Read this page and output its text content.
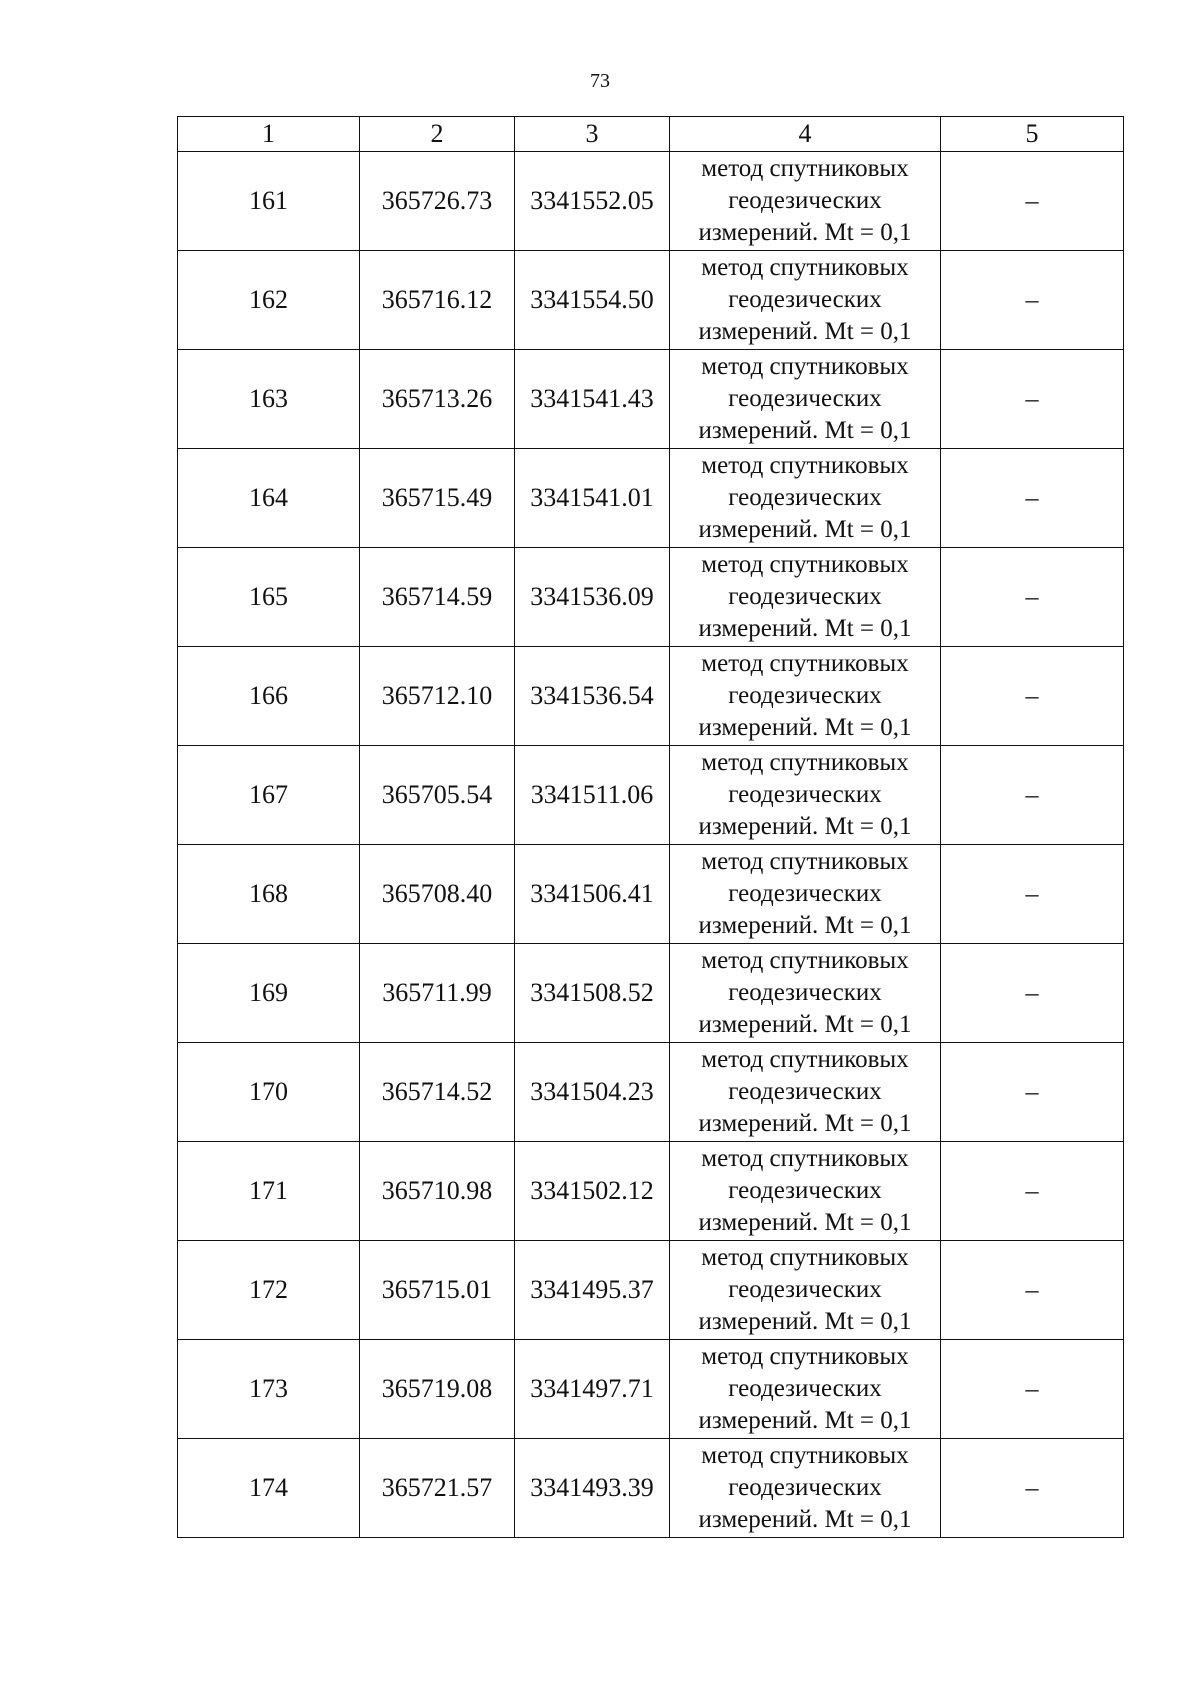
73
1	2	3	4	5
161	365726.73	3341552.05	метод спутниковых
геодезических
измерений. Mt = 0,1	–
162	365716.12	3341554.50	метод спутниковых
геодезических
измерений. Mt = 0,1	–
163	365713.26	3341541.43	метод спутниковых
геодезических
измерений. Mt = 0,1	–
164	365715.49	3341541.01	метод спутниковых
геодезических
измерений. Mt = 0,1	–
165	365714.59	3341536.09	метод спутниковых
геодезических
измерений. Mt = 0,1	–
166	365712.10	3341536.54	метод спутниковых
геодезических
измерений. Mt = 0,1	–
167	365705.54	3341511.06	метод спутниковых
геодезических
измерений. Mt = 0,1	–
168	365708.40	3341506.41	метод спутниковых
геодезических
измерений. Mt = 0,1	–
169	365711.99	3341508.52	метод спутниковых
геодезических
измерений. Mt = 0,1	–
170	365714.52	3341504.23	метод спутниковых
геодезических
измерений. Mt = 0,1	–
171	365710.98	3341502.12	метод спутниковых
геодезических
измерений. Mt = 0,1	–
172	365715.01	3341495.37	метод спутниковых
геодезических
измерений. Mt = 0,1	–
173	365719.08	3341497.71	метод спутниковых
геодезических
измерений. Mt = 0,1	–
174	365721.57	3341493.39	метод спутниковых
геодезических
измерений. Mt = 0,1	–
